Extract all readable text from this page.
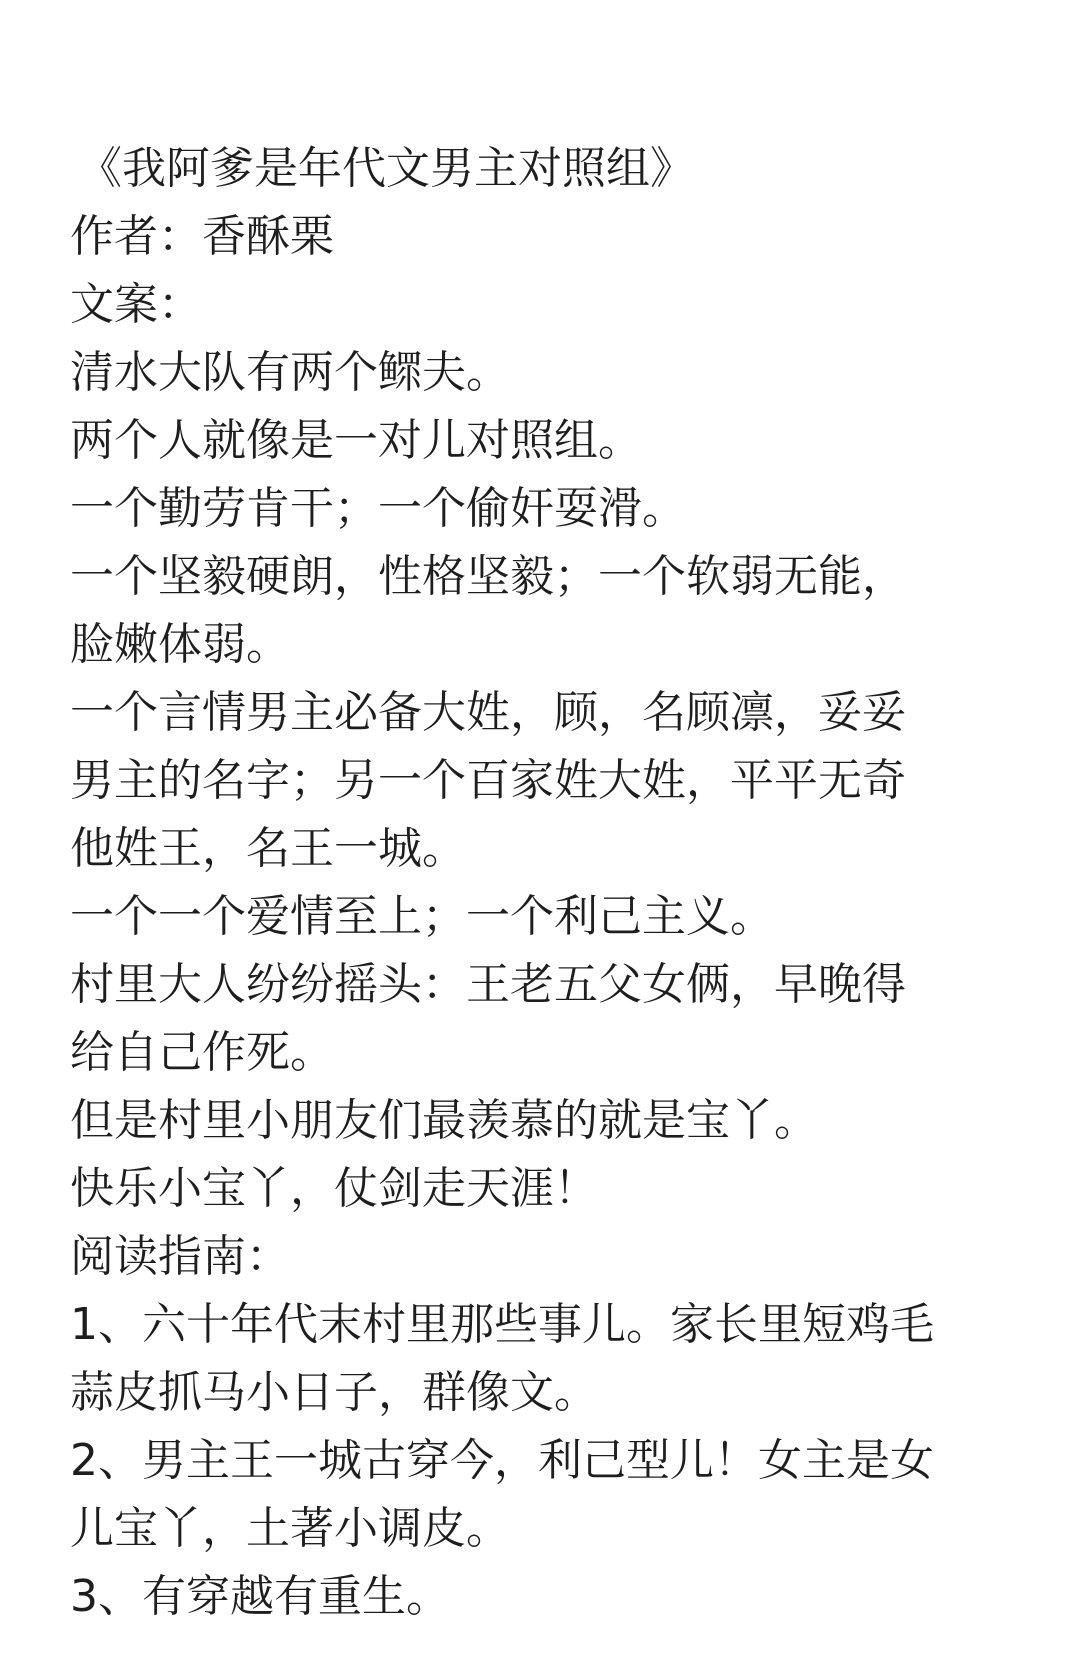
《我阿爹是年代文男主对照组》
作者：香酥栗
文案：
清水大队有两个鳏夫。
两个人就像是一对儿对照组。
一个勤劳肯干；一个偷奸耍滑。
一个坚毅硬朗，性格坚毅；一个软弱无能，
脸嫩体弱。
一个言情男主必备大姓，顾，名顾凛，妥妥
男主的名字；另一个百家姓大姓，平平无奇
他姓王，名王一城。
一个一个爱情至上；一个利己主义。
村里大人纷纷摇头：王老五父女俩，早晚得
给自己作死。
但是村里小朋友们最羡慕的就是宝丫。
快乐小宝丫，仗剑走天涯！
阅读指南：
1、六十年代末村里那些事儿。家长里短鸡毛
蒜皮抓马小日子，群像文。
2、男主王一城古穿今，利己型儿！女主是女
儿宝丫，土著小调皮。
3、有穿越有重生。
